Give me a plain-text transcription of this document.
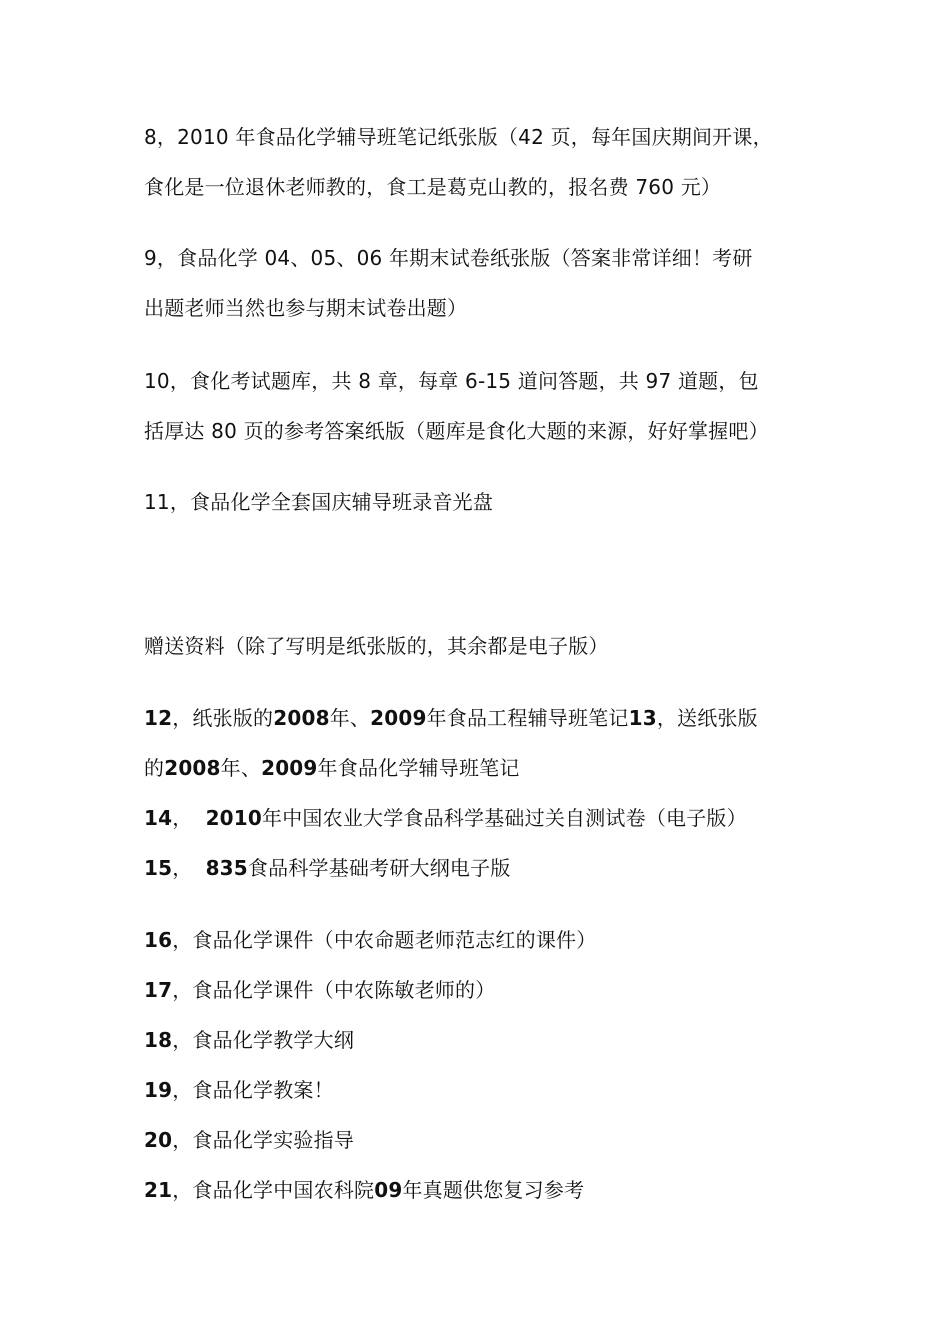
8，2010 年食品化学辅导班笔记纸张版（42 页，每年国庆期间开课，
食化是一位退休老师教的，食工是葛克山教的，报名费 760 元）
9，食品化学 04、05、06 年期末试卷纸张版（答案非常详细！考研
出题老师当然也参与期末试卷出题）
10，食化考试题库，共 8 章，每章 6-15 道问答题，共 97 道题，包
括厚达 80 页的参考答案纸版（题库是食化大题的来源，好好掌握吧）
11，食品化学全套国庆辅导班录音光盘
赠送资料（除了写明是纸张版的，其余都是电子版）
12，纸张版的2008年、2009年食品工程辅导班笔记13，送纸张版
的2008年、2009年食品化学辅导班笔记
14， 2010年中国农业大学食品科学基础过关自测试卷（电子版）
15， 835食品科学基础考研大纲电子版
16，食品化学课件（中农命题老师范志红的课件）
17，食品化学课件（中农陈敏老师的）
18，食品化学教学大纲
19，食品化学教案！
20，食品化学实验指导
21，食品化学中国农科院09年真题供您复习参考
